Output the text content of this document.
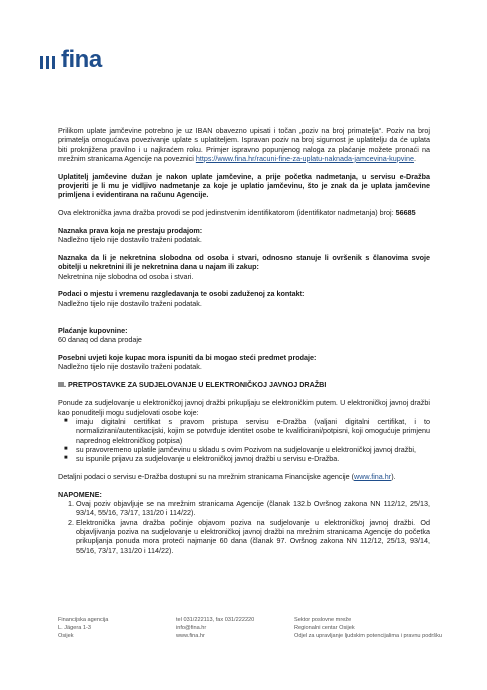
fina

Prilikom uplate jamčevine potrebno je uz IBAN obavezno upisati i točan „poziv na broj primatelja“. Poziv na broj primatelja omogućava povezivanje uplate s uplatiteljem. Ispravan poziv na broj sigurnost je uplatitelju da će uplata biti proknjižena pravilno i u najkraćem roku. Primjer ispravno popunjenog naloga za plaćanje možete pronaći na mrežnim stranicama Agencije na poveznici https://www.fina.hr/racuni-fine-za-uplatu-naknada-jamcevina-kupvine.

Uplatitelj jamčevine dužan je nakon uplate jamčevine, a prije početka nadmetanja, u servisu e-Dražba provjeriti je li mu je vidljivo nadmetanje za koje je uplatio jamčevinu, što je znak da je uplata jamčevine primljena i evidentirana na računu Agencije.

Ova elektronička javna dražba provodi se pod jedinstvenim identifikatorom (identifikator nadmetanja) broj: 56685

Naznaka prava koja ne prestaju prodajom:

Nadležno tijelo nije dostavilo traženi podatak.

Naznaka da li je nekretnina slobodna od osoba i stvari, odnosno stanuje li ovršenik s članovima svoje obitelji u nekretnini ili je nekretnina dana u najam ili zakup:

Nekretnina nije slobodna od osoba i stvari.

Podaci o mjestu i vremenu razgledavanja te osobi zaduženoj za kontakt:

Nadležno tijelo nije dostavilo traženi podatak.

Plaćanje kupovnine:

60 danaq od dana prodaje

Posebni uvjeti koje kupac mora ispuniti da bi mogao steći predmet prodaje:

Nadležno tijelo nije dostavilo traženi podatak.

III. PRETPOSTAVKE ZA SUDJELOVANJE U ELEKTRONIČKOJ JAVNOJ DRAŽBI

Ponude za sudjelovanje u elektroničkoj javnoj dražbi prikupljaju se elektroničkim putem. U elektroničkoj javnoj dražbi kao ponuditelji mogu sudjelovati osobe koje:

■ imaju digitalni certifikat s pravom pristupa servisu e-Dražba (valjani digitalni certifikat, i to normalizirani/autentikacijski, kojim se potvrđuje identitet osobe te kvalificirani/potpisni, koji omogućuje primjenu naprednog elektroničkog potpisa)
■ su pravovremeno uplatile jamčevinu u skladu s ovim Pozivom na sudjelovanje u elektroničkoj javnoj dražbi,
■ su ispunile prijavu za sudjelovanje u elektroničkoj javnoj dražbi u servisu e-Dražba.

Detaljni podaci o servisu e-Dražba dostupni su na mrežnim stranicama Financijske agencije (www.fina.hr).

NAPOMENE:

1. Ovaj poziv objavljuje se na mrežnim stranicama Agencije (članak 132.b Ovršnog zakona NN 112/12, 25/13, 93/14, 55/16, 73/17, 131/20 i 114/22).
2. Elektronička javna dražba počinje objavom poziva na sudjelovanje u elektroničkoj javnoj dražbi. Od objavljivanja poziva na sudjelovanje u elektroničkoj javnoj dražbi na mrežnim stranicama Agencije do početka prikupljanja ponuda mora proteći najmanje 60 dana (članak 97. Ovršnog zakona NN 112/12, 25/13, 93/14, 55/16, 73/17, 131/20 i 114/22).
Financijska agencija
L. Jägera 1-3
Osijek
tel 031/222113, fax 031/222220
info@fina.hr
www.fina.hr
Sektor poslovne mreže
Regionalni centar Osijek
Odjel za upravljanje ljudskim potencijalima i pravnu podršku
